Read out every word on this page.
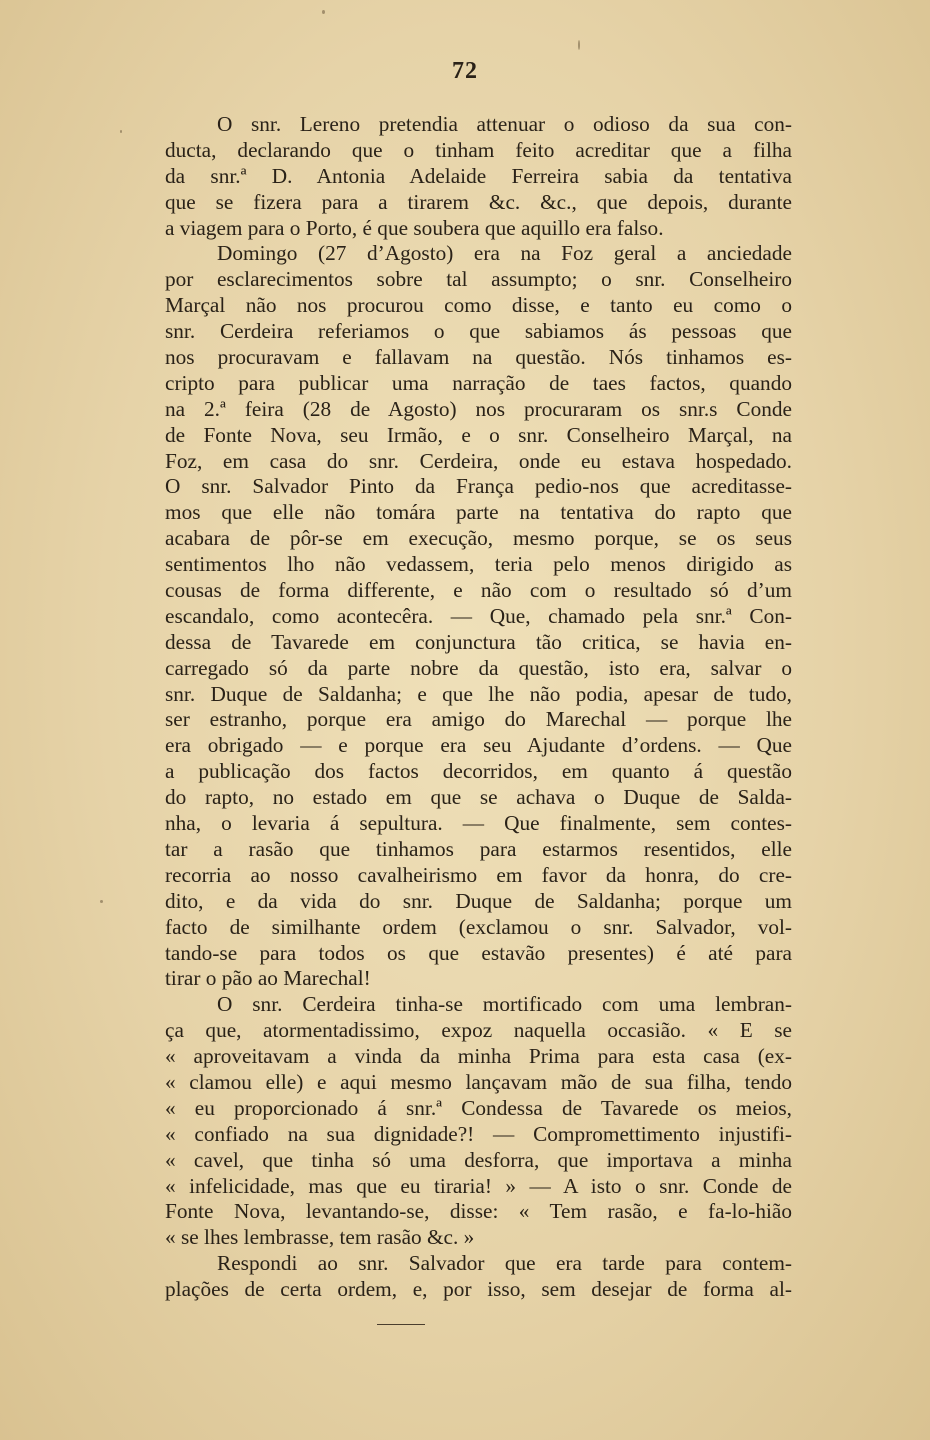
72
O snr. Lereno pretendia attenuar o odioso da sua con-
ducta, declarando que o tinham feito acreditar que a filha
da snr.ª D. Antonia Adelaide Ferreira sabia da tentativa
que se fizera para a tirarem &c. &c., que depois, durante
a viagem para o Porto, é que soubera que aquillo era falso.
Domingo (27 d’Agosto) era na Foz geral a anciedade
por esclarecimentos sobre tal assumpto; o snr. Conselheiro
Marçal não nos procurou como disse, e tanto eu como o
snr. Cerdeira referiamos o que sabiamos ás pessoas que
nos procuravam e fallavam na questão. Nós tinhamos es-
cripto para publicar uma narração de taes factos, quando
na 2.ª feira (28 de Agosto) nos procuraram os snr.s Conde
de Fonte Nova, seu Irmão, e o snr. Conselheiro Marçal, na
Foz, em casa do snr. Cerdeira, onde eu estava hospedado.
O snr. Salvador Pinto da França pedio-nos que acreditasse-
mos que elle não tomára parte na tentativa do rapto que
acabara de pôr-se em execução, mesmo porque, se os seus
sentimentos lho não vedassem, teria pelo menos dirigido as
cousas de forma differente, e não com o resultado só d’um
escandalo, como acontecêra. — Que, chamado pela snr.ª Con-
dessa de Tavarede em conjunctura tão critica, se havia en-
carregado só da parte nobre da questão, isto era, salvar o
snr. Duque de Saldanha; e que lhe não podia, apesar de tudo,
ser estranho, porque era amigo do Marechal — porque lhe
era obrigado — e porque era seu Ajudante d’ordens. — Que
a publicação dos factos decorridos, em quanto á questão
do rapto, no estado em que se achava o Duque de Salda-
nha, o levaria á sepultura. — Que finalmente, sem contes-
tar a rasão que tinhamos para estarmos resentidos, elle
recorria ao nosso cavalheirismo em favor da honra, do cre-
dito, e da vida do snr. Duque de Saldanha; porque um
facto de similhante ordem (exclamou o snr. Salvador, vol-
tando-se para todos os que estavão presentes) é até para
tirar o pão ao Marechal!
O snr. Cerdeira tinha-se mortificado com uma lembran-
ça que, atormentadissimo, expoz naquella occasião. « E se
« aproveitavam a vinda da minha Prima para esta casa (ex-
« clamou elle) e aqui mesmo lançavam mão de sua filha, tendo
« eu proporcionado á snr.ª Condessa de Tavarede os meios,
« confiado na sua dignidade?! — Compromettimento injustifi-
« cavel, que tinha só uma desforra, que importava a minha
« infelicidade, mas que eu tiraria! » — A isto o snr. Conde de
Fonte Nova, levantando-se, disse: « Tem rasão, e fa-lo-hião
« se lhes lembrasse, tem rasão &c. »
Respondi ao snr. Salvador que era tarde para contem-
plações de certa ordem, e, por isso, sem desejar de forma al-
